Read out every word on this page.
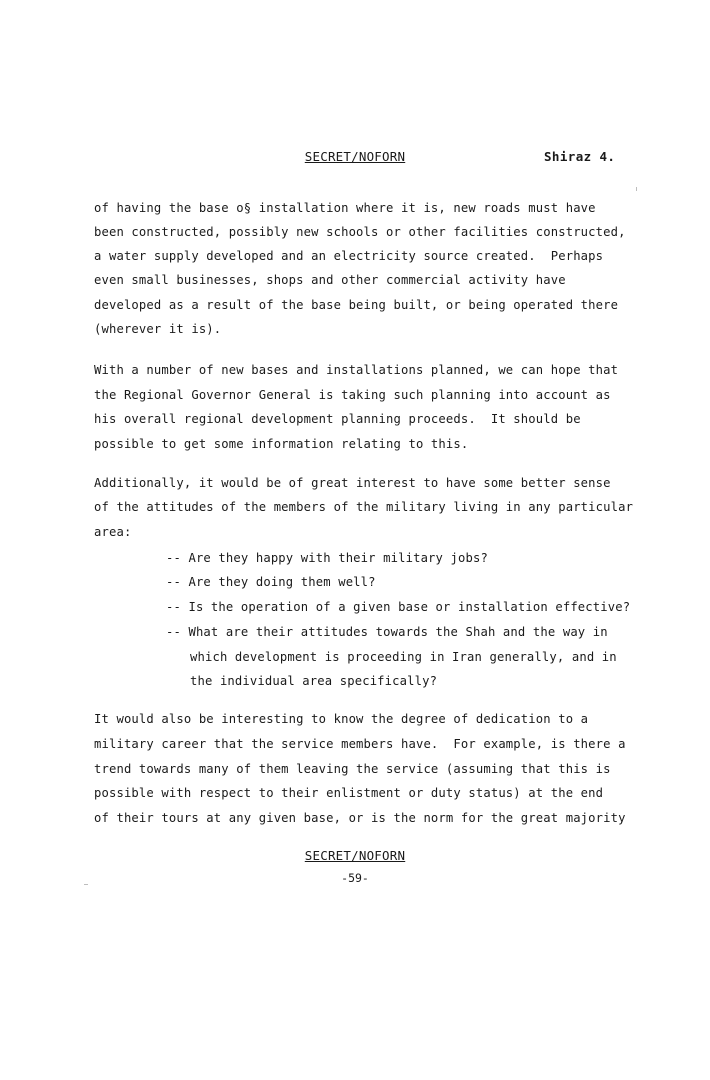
SECRET/NOFORN	Shiraz 4.
of having the base o§ installation where it is, new roads must have
been constructed, possibly new schools or other facilities constructed,
a water supply developed and an electricity source created.  Perhaps
even small businesses, shops and other commercial activity have
developed as a result of the base being built, or being operated there
(wherever it is).
With a number of new bases and installations planned, we can hope that
the Regional Governor General is taking such planning into account as
his overall regional development planning proceeds.  It should be
possible to get some information relating to this.
Additionally, it would be of great interest to have some better sense
of the attitudes of the members of the military living in any particular
area:
-- Are they happy with their military jobs?
-- Are they doing them well?
-- Is the operation of a given base or installation effective?
-- What are their attitudes towards the Shah and the way in
which development is proceeding in Iran generally, and in
the individual area specifically?
It would also be interesting to know the degree of dedication to a
military career that the service members have.  For example, is there a
trend towards many of them leaving the service (assuming that this is
possible with respect to their enlistment or duty status) at the end
of their tours at any given base, or is the norm for the great majority
SECRET/NOFORN
-59-
